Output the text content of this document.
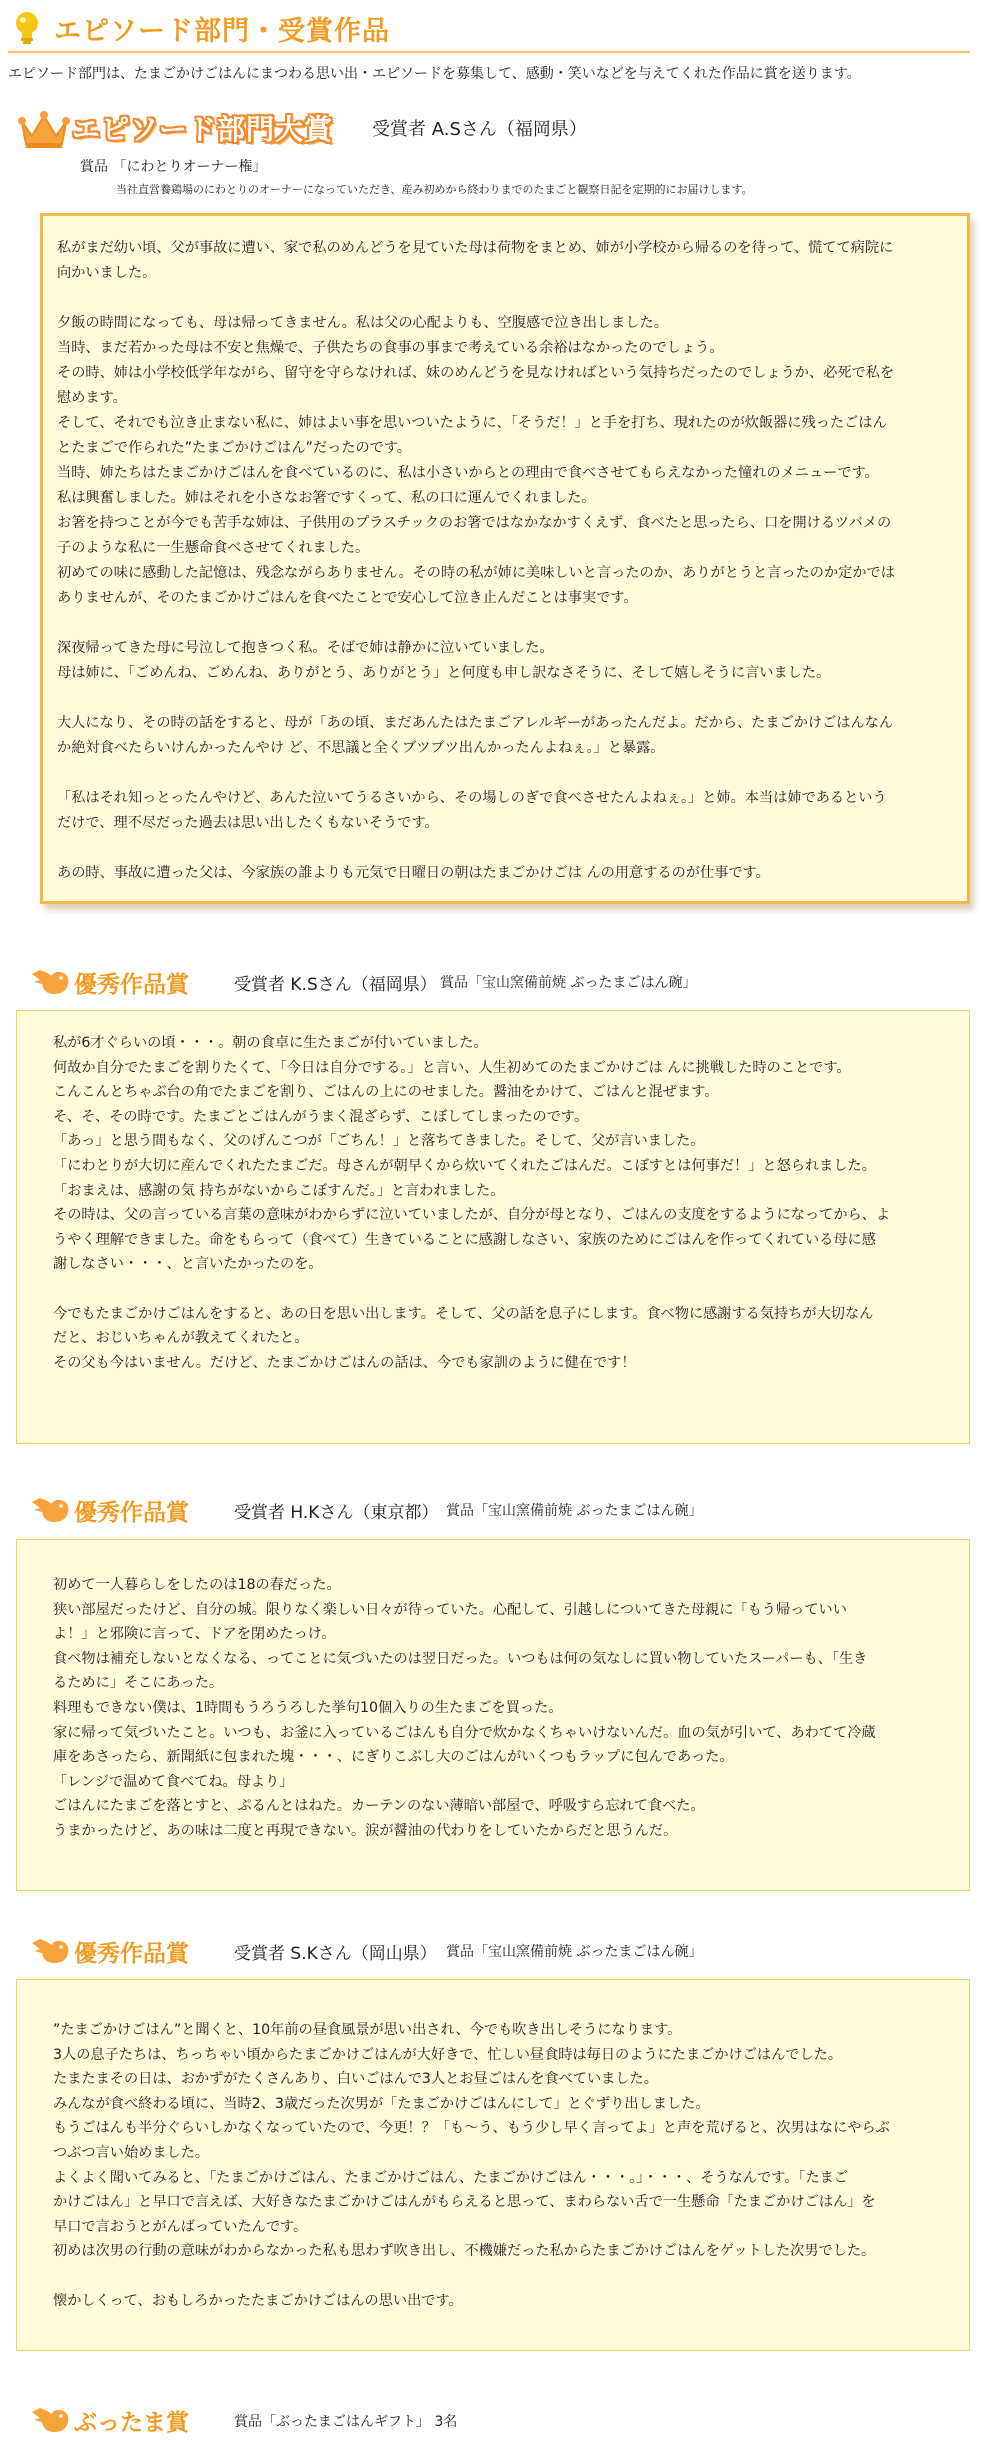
エピソード部門・受賞作品
エピソード部門は、たまごかけごはんにまつわる思い出・エピソードを募集して、感動・笑いなどを与えてくれた作品に賞を送ります。
エピソード部門大賞 受賞者 A.Sさん（福岡県）
賞品 「にわとりオーナー権」
当社直営養鶏場のにわとりのオーナーになっていただき、産み初めから終わりまでのたまごと観察日記を定期的にお届けします。

私がまだ幼い頃、父が事故に遭い、家で私のめんどうを見ていた母は荷物をまとめ、姉が小学校から帰るのを待って、慌てて病院に

向かいました。

夕飯の時間になっても、母は帰ってきません。私は父の心配よりも、空腹感で泣き出しました。

当時、まだ若かった母は不安と焦燥で、子供たちの食事の事まで考えている余裕はなかったのでしょう。

その時、姉は小学校低学年ながら、留守を守らなければ、妹のめんどうを見なければという気持ちだったのでしょうか、必死で私を

慰めます。

そして、それでも泣き止まない私に、姉はよい事を思いついたように、「そうだ！」と手を打ち、現れたのが炊飯器に残ったごはん

とたまごで作られた”たまごかけごはん”だったのです。

当時、姉たちはたまごかけごはんを食べているのに、私は小さいからとの理由で食べさせてもらえなかった憧れのメニューです。

私は興奮しました。姉はそれを小さなお箸ですくって、私の口に運んでくれました。

お箸を持つことが今でも苦手な姉は、子供用のプラスチックのお箸ではなかなかすくえず、食べたと思ったら、口を開けるツバメの

子のような私に一生懸命食べさせてくれました。

初めての味に感動した記憶は、残念ながらありません。その時の私が姉に美味しいと言ったのか、ありがとうと言ったのか定かでは

ありませんが、そのたまごかけごはんを食べたことで安心して泣き止んだことは事実です。

深夜帰ってきた母に号泣して抱きつく私。そばで姉は静かに泣いていました。

母は姉に、「ごめんね、ごめんね、ありがとう、ありがとう」と何度も申し訳なさそうに、そして嬉しそうに言いました。

大人になり、その時の話をすると、母が「あの頃、まだあんたはたまごアレルギーがあったんだよ。だから、たまごかけごはんなん

か絶対食べたらいけんかったんやけ ど、不思議と全くブツブツ出んかったんよねぇ。」と暴露。

「私はそれ知っとったんやけど、あんた泣いてうるさいから、その場しのぎで食べさせたんよねぇ。」と姉。本当は姉であるという

だけで、理不尽だった過去は思い出したくもないそうです。

あの時、事故に遭った父は、今家族の誰よりも元気で日曜日の朝はたまごかけごは んの用意するのが仕事です。

優秀作品賞	受賞者 K.Sさん（福岡県） 賞品「宝山窯備前焼 ぶったまごはん碗」

私が6才ぐらいの頃・・・。朝の食卓に生たまごが付いていました。

何故か自分でたまごを割りたくて、「今日は自分でする。」と言い、人生初めてのたまごかけごは んに挑戦した時のことです。

こんこんとちゃぶ台の角でたまごを割り、ごはんの上にのせました。醤油をかけて、ごはんと混ぜます。

そ、そ、その時です。たまごとごはんがうまく混ざらず、こぼしてしまったのです。

「あっ」と思う間もなく、父のげんこつが「ごちん！」と落ちてきました。そして、父が言いました。

「にわとりが大切に産んでくれたたまごだ。母さんが朝早くから炊いてくれたごはんだ。こぼすとは何事だ！」と怒られました。

「おまえは、感謝の気 持ちがないからこぼすんだ。」と言われました。

その時は、父の言っている言葉の意味がわからずに泣いていましたが、自分が母となり、ごはんの支度をするようになってから、よ

うやく理解できました。命をもらって（食べて）生きていることに感謝しなさい、家族のためにごはんを作ってくれている母に感

謝しなさい・・・、と言いたかったのを。

今でもたまごかけごはんをすると、あの日を思い出します。そして、父の話を息子にします。食べ物に感謝する気持ちが大切なん

だと、おじいちゃんが教えてくれたと。

その父も今はいません。だけど、たまごかけごはんの話は、今でも家訓のように健在です！

優秀作品賞	受賞者 H.Kさん（東京都） 賞品「宝山窯備前焼 ぶったまごはん碗」

初めて一人暮らしをしたのは18の春だった。

狭い部屋だったけど、自分の城。限りなく楽しい日々が待っていた。心配して、引越しについてきた母親に「もう帰っていい

よ！」と邪険に言って、ドアを閉めたっけ。

食べ物は補充しないとなくなる、ってことに気づいたのは翌日だった。いつもは何の気なしに買い物していたスーパーも、「生き

るために」そこにあった。

料理もできない僕は、1時間もうろうろした挙句10個入りの生たまごを買った。

家に帰って気づいたこと。いつも、お釜に入っているごはんも自分で炊かなくちゃいけないんだ。血の気が引いて、あわてて冷蔵

庫をあさったら、新聞紙に包まれた塊・・・、にぎりこぶし大のごはんがいくつもラップに包んであった。

「レンジで温めて食べてね。母より」

ごはんにたまごを落とすと、ぷるんとはねた。カーテンのない薄暗い部屋で、呼吸すら忘れて食べた。

うまかったけど、あの味は二度と再現できない。涙が醤油の代わりをしていたからだと思うんだ。

優秀作品賞	受賞者 S.Kさん（岡山県） 賞品「宝山窯備前焼 ぶったまごはん碗」

”たまごかけごはん”と聞くと、10年前の昼食風景が思い出され、今でも吹き出しそうになります。

3人の息子たちは、ちっちゃい頃からたまごかけごはんが大好きで、忙しい昼食時は毎日のようにたまごかけごはんでした。

たまたまその日は、おかずがたくさんあり、白いごはんで3人とお昼ごはんを食べていました。

みんなが食べ終わる頃に、当時2、3歳だった次男が「たまごかけごはんにして」とぐずり出しました。

もうごはんも半分ぐらいしかなくなっていたので、今更！？「も～う、もう少し早く言ってよ」と声を荒げると、次男はなにやらぶ

つぶつ言い始めました。

よくよく聞いてみると、「たまごかけごはん、たまごかけごはん、たまごかけごはん・・・。」・・・、そうなんです。「たまご

かけごはん」と早口で言えば、大好きなたまごかけごはんがもらえると思って、まわらない舌で一生懸命「たまごかけごはん」を

早口で言おうとがんばっていたんです。

初めは次男の行動の意味がわからなかった私も思わず吹き出し、不機嫌だった私からたまごかけごはんをゲットした次男でした。

懐かしくって、おもしろかったたまごかけごはんの思い出です。

ぶったま賞	賞品「ぶったまごはんギフト」 3名
